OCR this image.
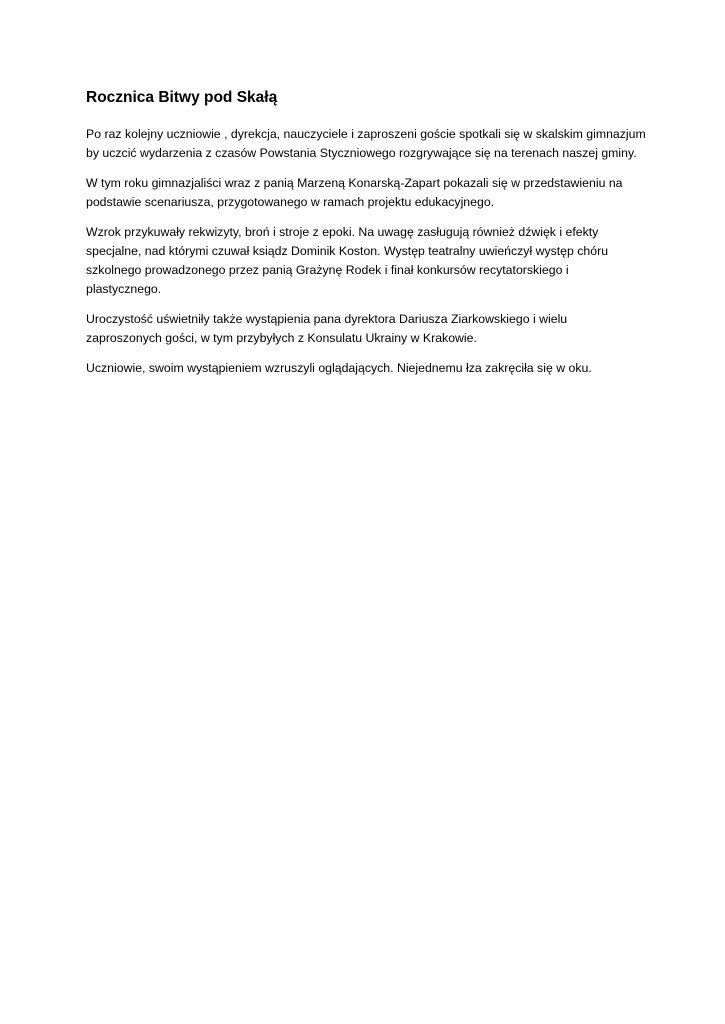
Rocznica Bitwy pod Skałą

Po raz kolejny uczniowie , dyrekcja, nauczyciele i zaproszeni goście spotkali się w skalskim gimnazjum by uczcić wydarzenia z czasów Powstania Styczniowego rozgrywające się na terenach naszej gminy.

W tym roku gimnazjaliści wraz z panią Marzeną Konarską-Zapart pokazali się w przedstawieniu na podstawie scenariusza, przygotowanego w ramach projektu edukacyjnego.

Wzrok przykuwały rekwizyty, broń i stroje z epoki. Na uwagę zasługują również dźwięk i efekty specjalne, nad którymi czuwał ksiądz Dominik Koston. Występ teatralny uwieńczył występ chóru szkolnego prowadzonego przez panią Grażynę Rodek i finał konkursów recytatorskiego i plastycznego.

Uroczystość uświetniły także wystąpienia pana dyrektora Dariusza Ziarkowskiego i wielu zaproszonych gości, w tym przybyłych z Konsulatu Ukrainy w Krakowie.

Uczniowie, swoim wystąpieniem wzruszyli oglądających. Niejednemu łza zakręciła się w oku.
